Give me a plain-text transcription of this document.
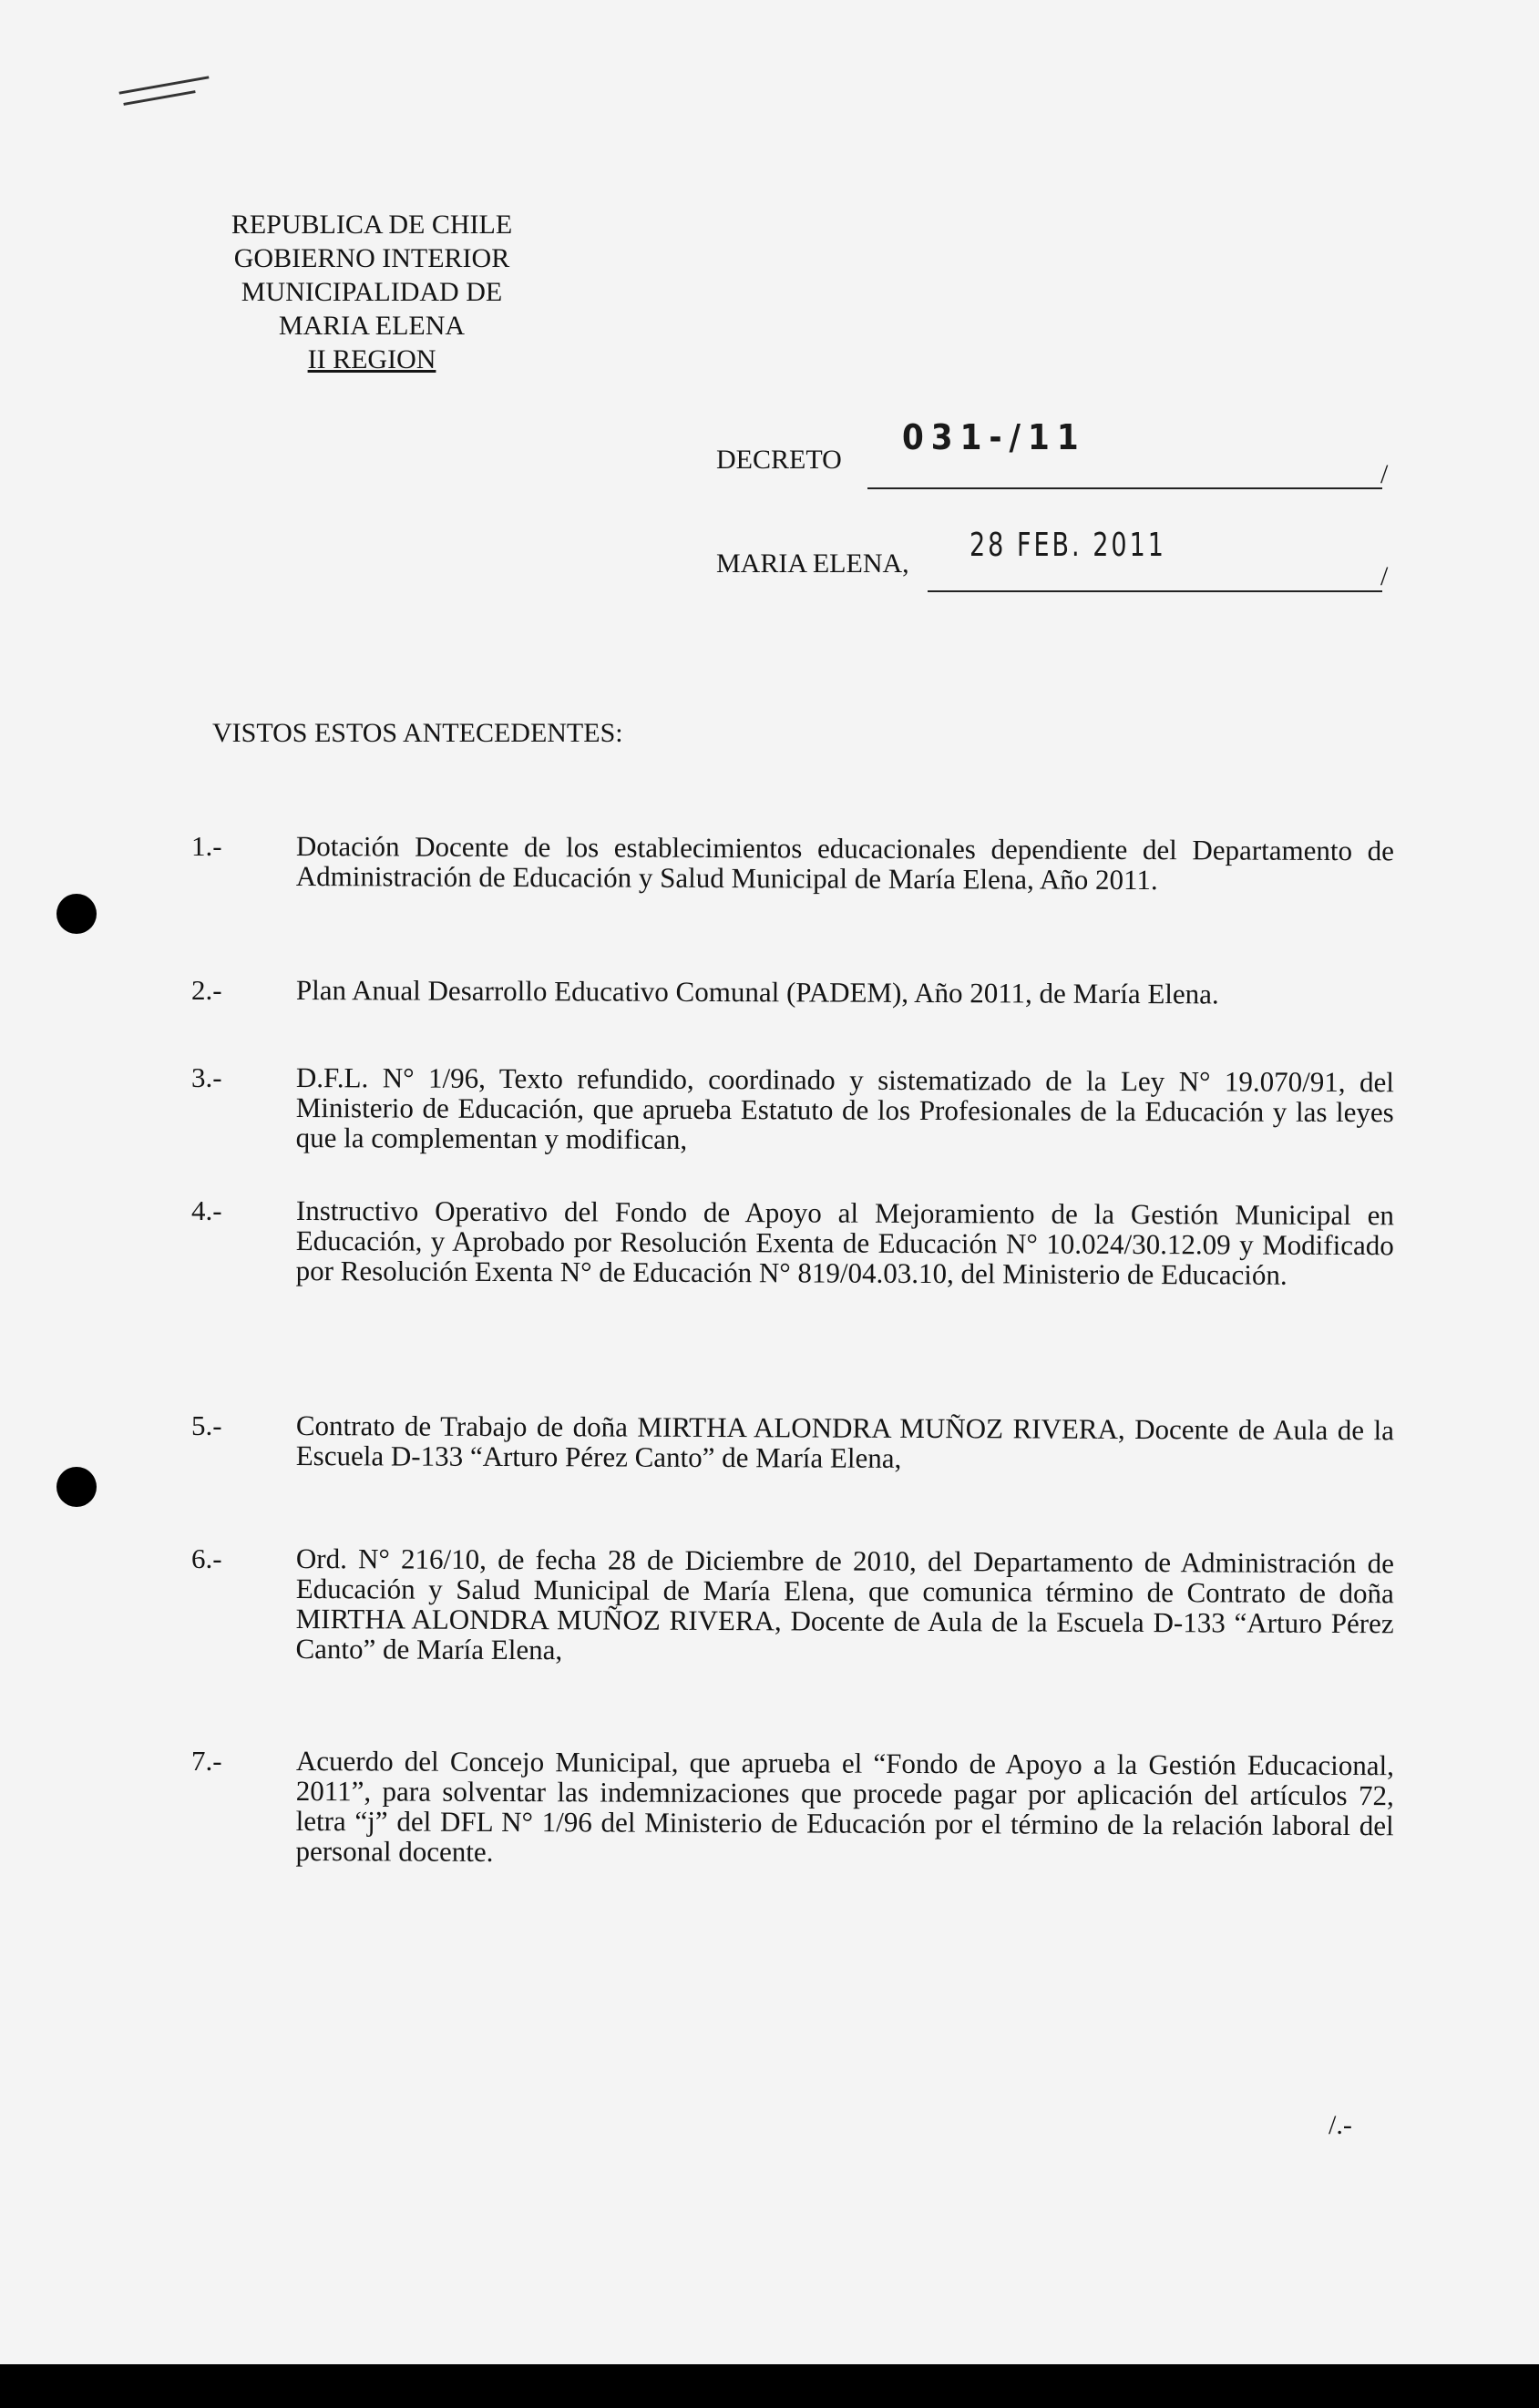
REPUBLICA DE CHILE
GOBIERNO INTERIOR
MUNICIPALIDAD DE
MARIA ELENA
II REGION
DECRETO
031-/11
/
MARIA ELENA, 28 FEB. 2011
/
VISTOS ESTOS ANTECEDENTES:
1.-	Dotación Docente de los establecimientos educacionales dependiente del Departamento de Administración de Educación y Salud Municipal de María Elena, Año 2011.
2.-	Plan Anual Desarrollo Educativo Comunal (PADEM), Año 2011, de María Elena.
3.-	D.F.L. N° 1/96, Texto refundido, coordinado y sistematizado de la Ley N° 19.070/91, del Ministerio de Educación, que aprueba Estatuto de los Profesionales de la Educación y las leyes que la complementan y modifican,
4.-	Instructivo Operativo del Fondo de Apoyo al Mejoramiento de la Gestión Municipal en Educación, y Aprobado por Resolución Exenta de Educación N° 10.024/30.12.09 y Modificado por Resolución Exenta N° de Educación N° 819/04.03.10, del Ministerio de Educación.
5.-	Contrato de Trabajo de doña MIRTHA ALONDRA MUÑOZ RIVERA, Docente de Aula de la Escuela D-133 “Arturo Pérez Canto” de María Elena,
6.-	Ord. N° 216/10, de fecha 28 de Diciembre de 2010, del Departamento de Administración de Educación y Salud Municipal de María Elena, que comunica término de Contrato de doña MIRTHA ALONDRA MUÑOZ RIVERA, Docente de Aula de la Escuela D-133 “Arturo Pérez Canto” de María Elena,
7.-	Acuerdo del Concejo Municipal, que aprueba el “Fondo de Apoyo a la Gestión Educacional, 2011”, para solventar las indemnizaciones que procede pagar por aplicación del artículos 72, letra “j” del DFL N° 1/96 del Ministerio de Educación por el término de la relación laboral del personal docente.
/.-
